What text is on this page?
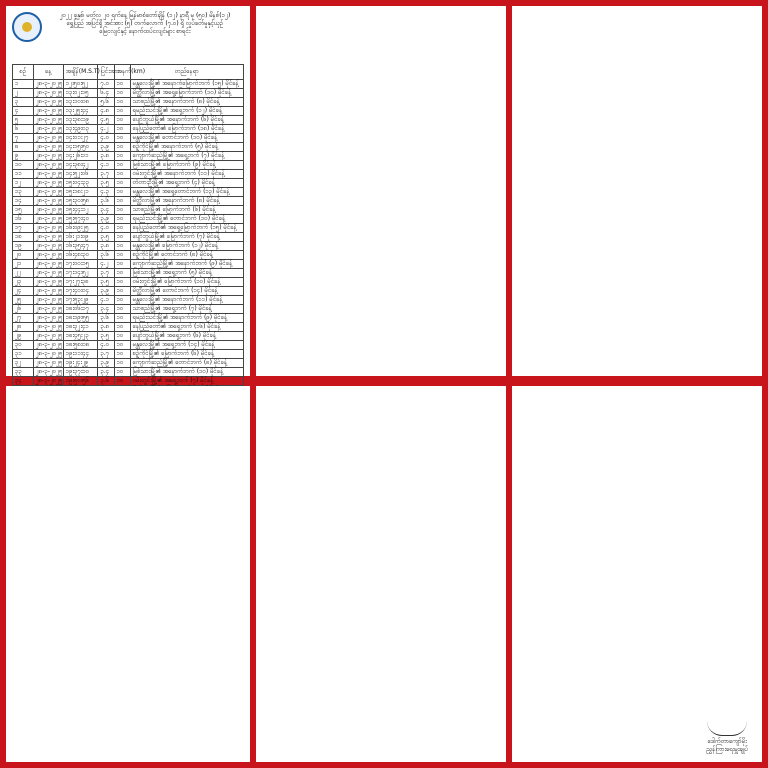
၂၀၂၂ ခုနှစ်၊ မတ်လ ၂၀ ရက်နေ့ မြန်မာစံတော်ချိန် (၁၂) နာရီ မှ (၅၀) မိနစ်(၁၂)
ရွှေပြည် အပြင်ရှိ အင်အား (၅) တက်လောက် (၇.၀) ရှိ လှုပ်ခတ်မှုနှင့်ယှဉ်
မြေငလျင်နှင့် နောက်ထပ်ငလျင်များ စာရင်း
စဉ်	နေ့	အချိန်(M.S.T)	ပြင်းအား	အနက်(km)	တည်နေရာ
၁	၂၈-၃-၂၀၂၅	၁၂း၅၀း၅၂	၇.၀	၁၀	မန္တလေးမြို့၏ အနောက်မြောက်ဘက် (၁၅) မိုင်ခန့်
၂	၂၈-၃-၂၀၂၅	၁၃း၀၂း၁၅	၆.၄	၁၀	မိတ္ထီလာမြို့၏ အရှေ့မြောက်ဘက် (၁၀) မိုင်ခန့်
၃	၂၈-၃-၂၀၂၅	၁၃း၁၀း၀၈	၅.၆	၁၀	သာစည်မြို့၏ အနောက်ဘက် (၈) မိုင်ခန့်
၄	၂၈-၃-၂၀၂၅	၁၃း၂၅း၄၄	၄.၈	၁၀	ရမည်းသင်းမြို့၏ အရှေ့ဘက် (၁၂) မိုင်ခန့်
၅	၂၈-၃-၂၀၂၅	၁၃း၃၈း၁၉	၄.၅	၁၀	ပျော်ဘွယ်မြို့၏ အနောက်ဘက် (၆) မိုင်ခန့်
၆	၂၈-၃-၂၀၂၅	၁၃း၄၉း၀၃	၄.၂	၁၀	နေပြည်တော်၏ မြောက်ဘက် (၁၈) မိုင်ခန့်
၇	၂၈-၃-၂၀၂၅	၁၄း၀၁း၂၇	၄.၀	၁၀	မန္တလေးမြို့၏ တောင်ဘက် (၁၀) မိုင်ခန့်
၈	၂၈-၃-၂၀၂၅	၁၄း၁၅း၅၀	၃.၉	၁၀	စဉ့်ကိုင်မြို့၏ အနောက်ဘက် (၅) မိုင်ခန့်
၉	၂၈-၃-၂၀၂၅	၁၄း၂၆း၁၁	၃.၈	၁၀	ကျောက်ဆည်မြို့၏ အရှေ့ဘက် (၇) မိုင်ခန့်
၁၀	၂၈-၃-၂၀၂၅	၁၄း၃၈း၄၂	၄.၁	၁၀	မြစ်သားမြို့၏ မြောက်ဘက် (၉) မိုင်ခန့်
၁၁	၂၈-၃-၂၀၂၅	၁၄း၅၂း၀၆	၃.၇	၁၀	ဝမ်းတွင်းမြို့၏ အနောက်ဘက် (၁၁) မိုင်ခန့်
၁၂	၂၈-၃-၂၀၂၅	၁၅း၀၄း၃၃	၃.၅	၁၀	တံတားဦးမြို့၏ အရှေ့ဘက် (၄) မိုင်ခန့်
၁၃	၂၈-၃-၂၀၂၅	၁၅း၁၈း၂၁	၄.၃	၁၀	မန္တလေးမြို့၏ အရှေ့တောင်ဘက် (၁၃) မိုင်ခန့်
၁၄	၂၈-၃-၂၀၂၅	၁၅း၃၀း၅၈	၃.၆	၁၀	မိတ္ထီလာမြို့၏ အနောက်ဘက် (၈) မိုင်ခန့်
၁၅	၂၈-၃-၂၀၂၅	၁၅း၄၄း၁၂	၃.၄	၁၀	သာစည်မြို့၏ မြောက်ဘက် (၆) မိုင်ခန့်
၁၆	၂၈-၃-၂၀၂၅	၁၅း၅၇း၄၀	၃.၉	၁၀	ရမည်းသင်းမြို့၏ တောင်ဘက် (၁၀) မိုင်ခန့်
၁၇	၂၈-၃-၂၀၂၅	၁၆း၀၉း၂၅	၄.၀	၁၀	နေပြည်တော်၏ အရှေ့မြောက်ဘက် (၁၅) မိုင်ခန့်
၁၈	၂၈-၃-၂၀၂၅	၁၆း၂၁း၀၉	၃.၅	၁၀	ပျော်ဘွယ်မြို့၏ မြောက်ဘက် (၇) မိုင်ခန့်
၁၉	၂၈-၃-၂၀၂၅	၁၆း၃၅း၄၇	၃.၈	၁၀	မန္တလေးမြို့၏ မြောက်ဘက် (၁၂) မိုင်ခန့်
၂၀	၂၈-၃-၂၀၂၅	၁၆း၄၈း၃၀	၃.၆	၁၀	စဉ့်ကိုင်မြို့၏ တောင်ဘက် (၈) မိုင်ခန့်
၂၁	၂၈-၃-၂၀၂၅	၁၇း၀၀း၁၅	၄.၂	၁၀	ကျောက်ဆည်မြို့၏ အနောက်ဘက် (၉) မိုင်ခန့်
၂၂	၂၈-၃-၂၀၂၅	၁၇း၁၄း၅၂	၃.၇	၁၀	မြစ်သားမြို့၏ အရှေ့ဘက် (၅) မိုင်ခန့်
၂၃	၂၈-၃-၂၀၂၅	၁၇း၂၇း၃၈	၃.၅	၁၀	ဝမ်းတွင်းမြို့၏ မြောက်ဘက် (၁၀) မိုင်ခန့်
၂၄	၂၈-၃-၂၀၂၅	၁၇း၄၀း၀၄	၃.၉	၁၀	မိတ္ထီလာမြို့၏ တောင်ဘက် (၁၄) မိုင်ခန့်
၂၅	၂၈-၃-၂၀၂၅	၁၇း၅၃း၂၉	၄.၁	၁၀	မန္တလေးမြို့၏ အနောက်ဘက် (၁၁) မိုင်ခန့်
၂၆	၂၈-၃-၂၀၂၅	၁၈း၀၆း၁၇	၃.၄	၁၀	သာစည်မြို့၏ အရှေ့ဘက် (၇) မိုင်ခန့်
၂၇	၂၈-၃-၂၀၂၅	၁၈း၁၉း၅၅	၃.၆	၁၀	ရမည်းသင်းမြို့၏ အနောက်ဘက် (၉) မိုင်ခန့်
၂၈	၂၈-၃-၂၀၂၅	၁၈း၃၂း၄၁	၃.၈	၁၀	နေပြည်တော်၏ အရှေ့ဘက် (၁၆) မိုင်ခန့်
၂၉	၂၈-၃-၂၀၂၅	၁၈း၄၅း၂၃	၃.၅	၁၀	ပျော်ဘွယ်မြို့၏ အရှေ့ဘက် (၆) မိုင်ခန့်
၃၀	၂၈-၃-၂၀၂၅	၁၈း၅၈း၀၈	၄.၀	၁၀	မန္တလေးမြို့၏ အရှေ့ဘက် (၁၄) မိုင်ခန့်
၃၁	၂၈-၃-၂၀၂၅	၁၉း၁၁း၄၄	၃.၇	၁၀	စဉ့်ကိုင်မြို့၏ မြောက်ဘက် (၆) မိုင်ခန့်
၃၂	၂၈-၃-၂၀၂၅	၁၉း၂၄း၂၉	၃.၉	၁၀	ကျောက်ဆည်မြို့၏ တောင်ဘက် (၈) မိုင်ခန့်
၃၃	၂၈-၃-၂၀၂၅	၁၉း၃၇း၁၀	၃.၄	၁၀	မြစ်သားမြို့၏ အနောက်ဘက် (၁၀) မိုင်ခန့်
၃၄	၂၈-၃-၂၀၂၅	၁၉း၅၀း၅၆	၃.၆	၁၀	ဝမ်းတွင်းမြို့၏ အရှေ့ဘက် (၇) မိုင်ခန့်

ဒေါက်တာကျော်မိုး
ညွှန်ကြားရေးမှူးချုပ်
